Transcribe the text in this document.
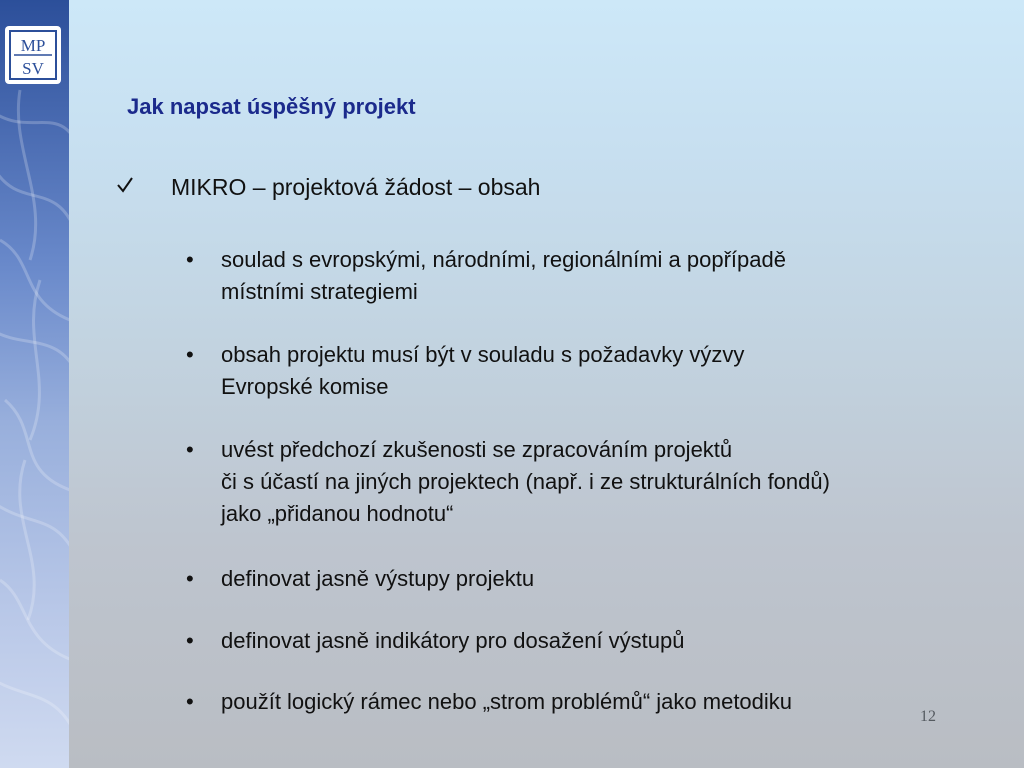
MP
SV
Jak napsat úspěšný projekt
MIKRO – projektová žádost – obsah
•	soulad s evropskými, národními, regionálními a popřípadě
místními strategiemi
•	obsah projektu musí být v souladu s požadavky výzvy
Evropské komise
•	uvést předchozí zkušenosti se zpracováním projektů
či s účastí na jiných projektech (např. i ze strukturálních fondů)
jako „přidanou hodnotu“
•	definovat jasně výstupy projektu
•	definovat jasně indikátory pro dosažení výstupů
•	použít logický rámec nebo „strom problémů“ jako metodiku
12
